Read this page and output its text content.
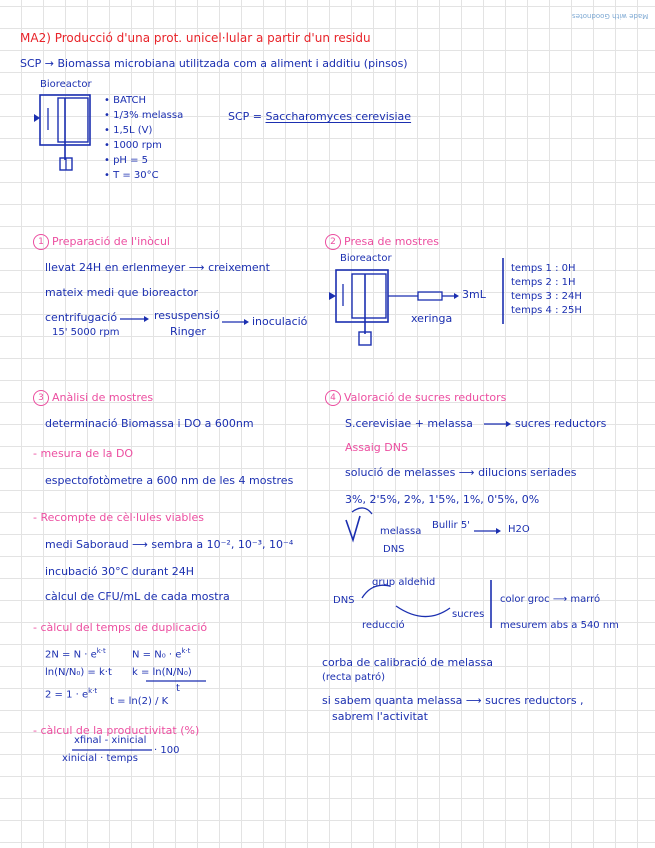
Made with Goodnotes
MA2) Producció d'una prot. unicel·lular a partir d'un residu
SCP → Biomassa microbiana utilitzada com a aliment i additiu (pinsos)
Bioreactor
• BATCH
• 1/3% melassa
• 1,5L (V)
• 1000 rpm
• pH = 5
• T = 30°C
SCP = Saccharomyces cerevisiae
1 Preparació de l'inòcul
llevat 24H en erlenmeyer ⟶ creixement
mateix medi que bioreactor
centrifugació
15' 5000 rpm
resuspensió
Ringer
inoculació
2 Presa de mostres
Bioreactor
3mL
xeringa
temps 1 : 0H
temps 2 : 1H
temps 3 : 24H
temps 4 : 25H
3 Anàlisi de mostres
determinació Biomassa i DO a 600nm
- mesura de la DO
espectofotòmetre a 600 nm de les 4 mostres
- Recompte de cèl·lules viables
medi Saboraud ⟶ sembra a 10⁻², 10⁻³, 10⁻⁴
incubació 30°C durant 24H
càlcul de CFU/mL de cada mostra
- càlcul del temps de duplicació
$2N = N \cdot e^{k\cdot t}$	$N = N_0 \cdot e^{k\cdot t}$
ln(N/N₀) = k·t k = ln(N/N₀)
t
$2 = 1 \cdot e^{k\cdot t}$
t = ln(2) / K
- càlcul de la productivitat (%)
xfinal - xinicial
xinicial · temps
· 100
4 Valoració de sucres reductors
S.cerevisiae + melassa	sucres reductors
Assaig DNS
solució de melasses ⟶ dilucions seriades
3%, 2'5%, 2%, 1'5%, 1%, 0'5%, 0%
melassa
Bullir 5'	H2O
DNS
grup aldehid
DNS
reducció
sucres
color groc ⟶ marró
mesurem abs a 540 nm
corba de calibració de melassa
(recta patró)
si sabem quanta melassa ⟶ sucres reductors ,
sabrem l'activitat
